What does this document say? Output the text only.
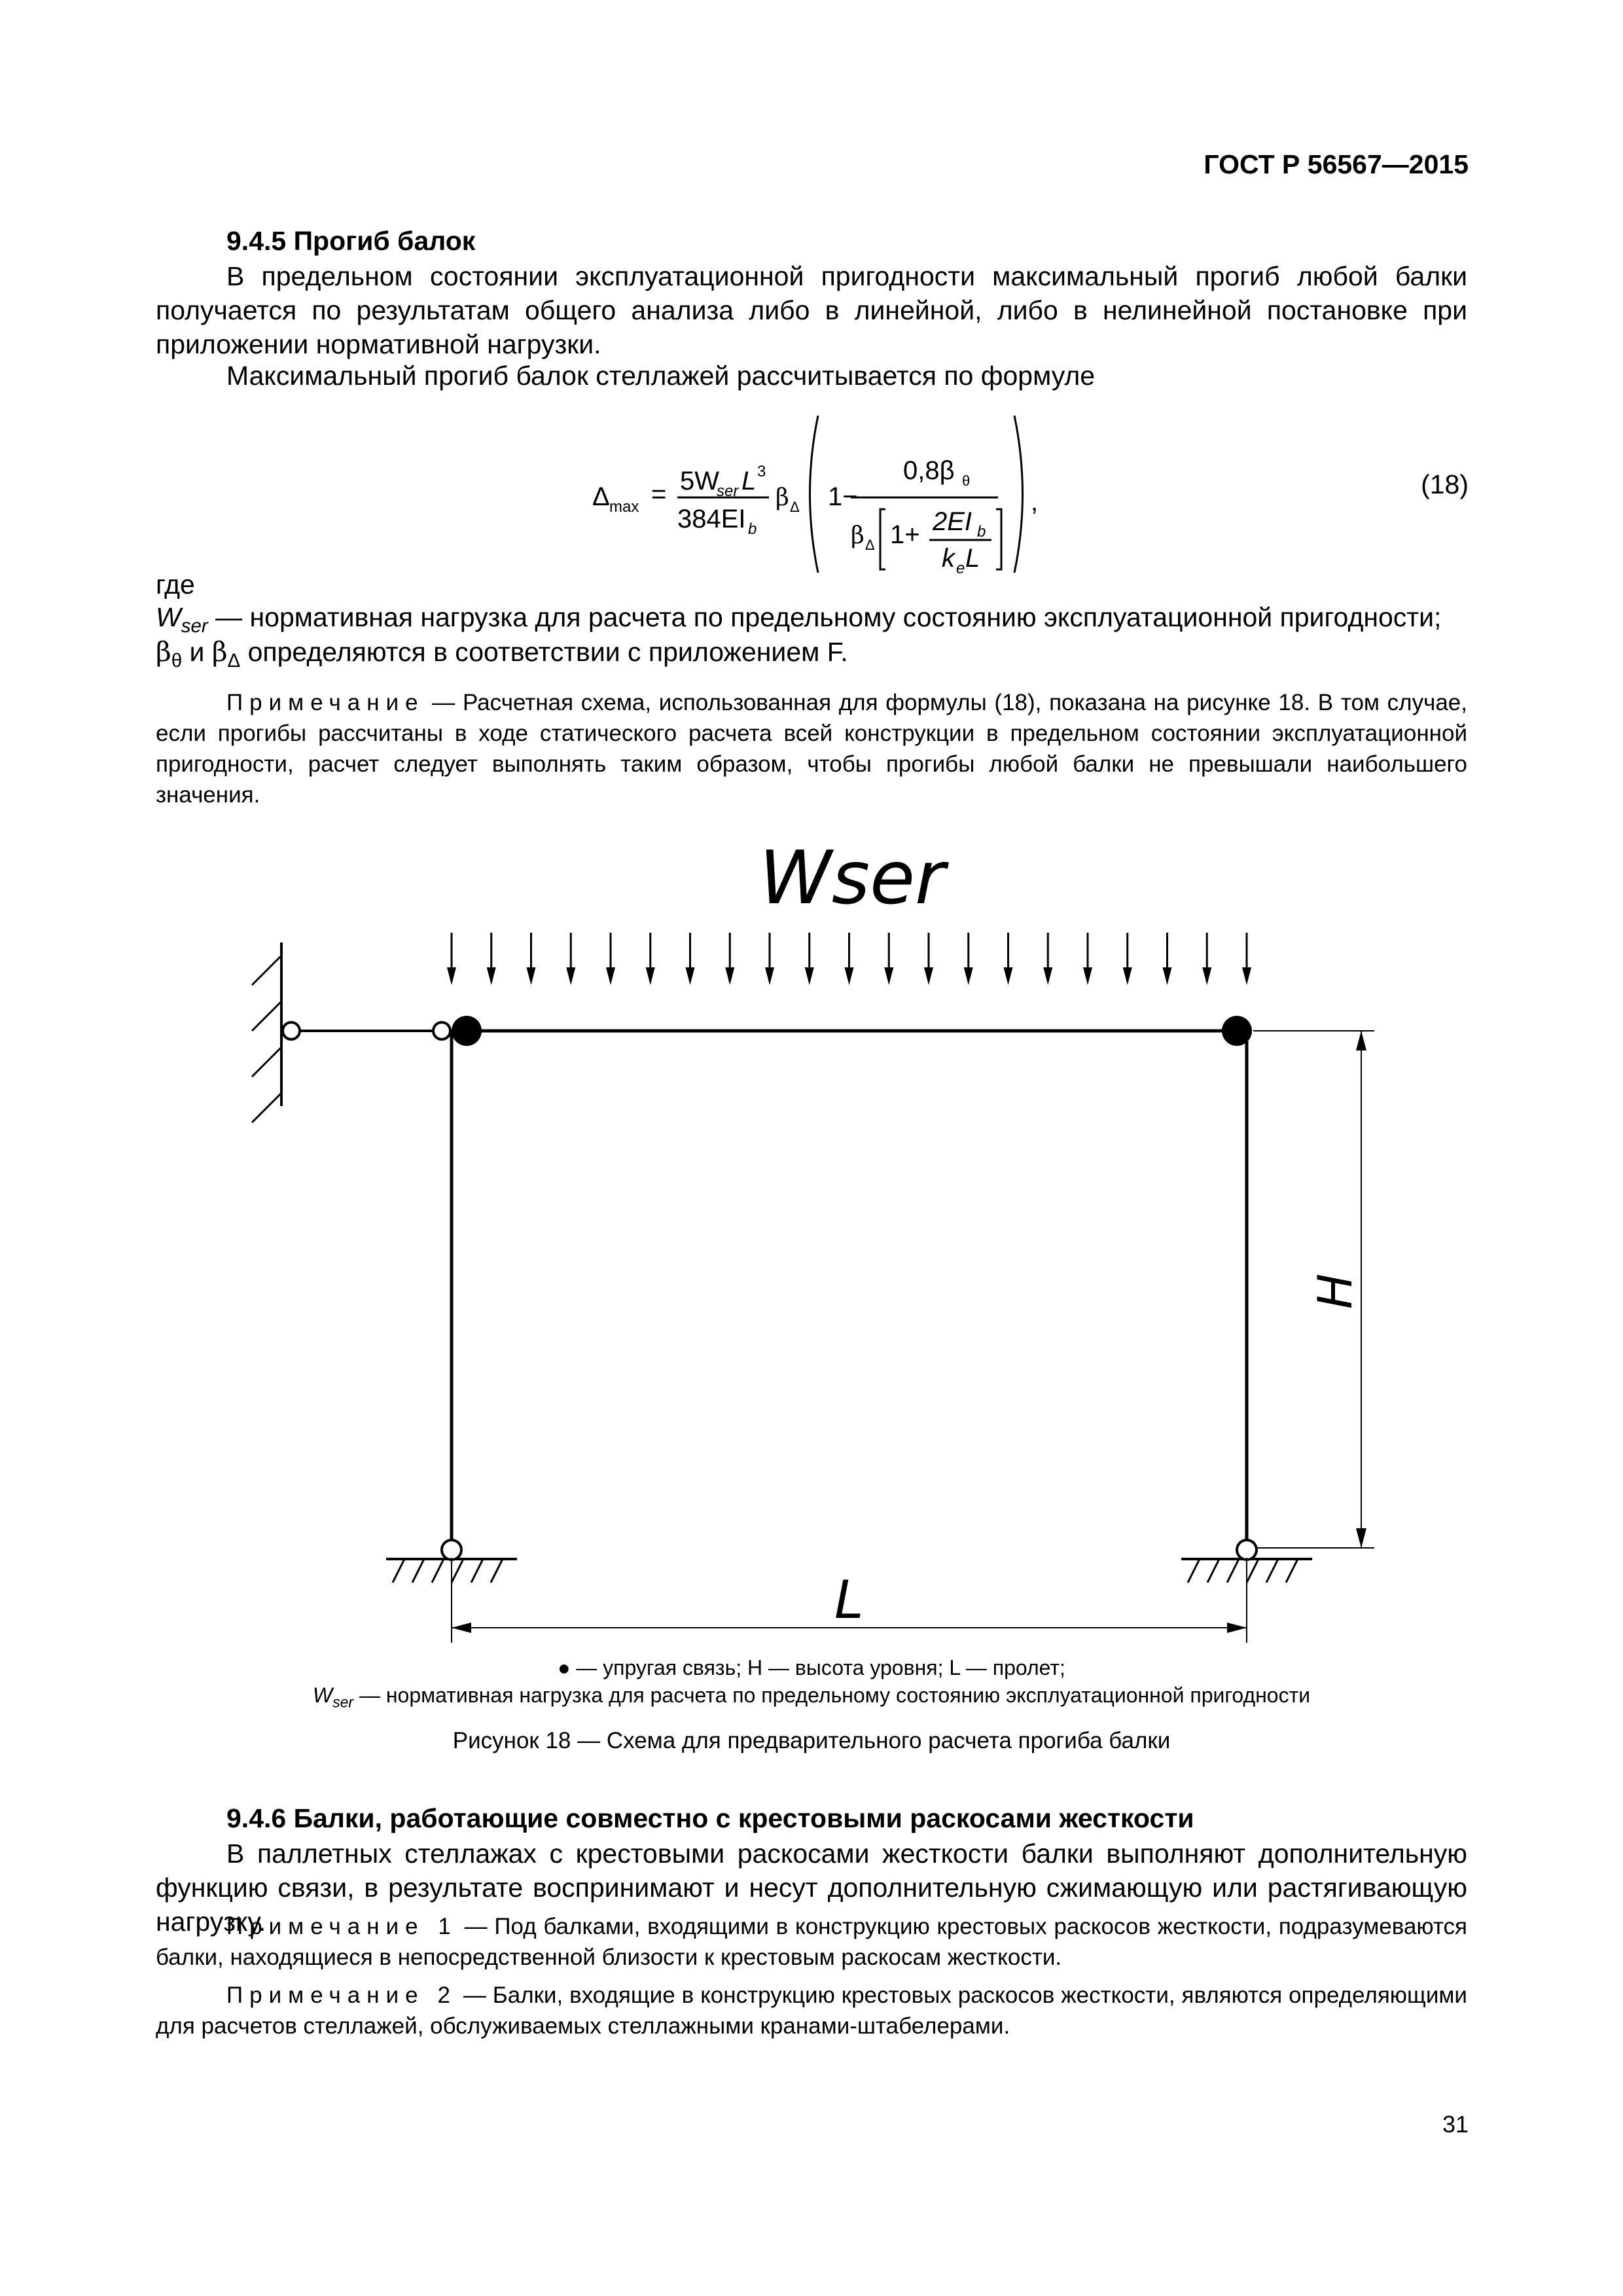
ГОСТ Р 56567—2015
9.4.5 Прогиб балок
В предельном состоянии эксплуатационной пригодности максимальный прогиб любой балки получается по результатам общего анализа либо в линейной, либо в нелинейной постановке при приложении нормативной нагрузки.
Максимальный прогиб балок стеллажей рассчитывается по формуле
Δ max = 5W
ser L 3
384EI b
β Δ 1−
0,8β θ
β Δ 1+ 2EI b
k e L
,
(18)
где
$W_{ser}$ — нормативная нагрузка для расчета по предельному состоянию эксплуатационной пригодности;
$\beta_\theta$ и $\beta_\Delta$ определяются в соответствии с приложением F.
Примечание — Расчетная схема, использованная для формулы (18), показана на рисунке 18. В том случае, если прогибы рассчитаны в ходе статического расчета всей конструкции в предельном состоянии эксплуатационной пригодности, расчет следует выполнять таким образом, чтобы прогибы любой балки не превышали наибольшего значения.
Wser
H
L
● — упругая связь; H — высота уровня; L — пролет;
$W_{ser}$ — нормативная нагрузка для расчета по предельному состоянию эксплуатационной пригодности
Рисунок 18 — Схема для предварительного расчета прогиба балки
9.4.6 Балки, работающие совместно с крестовыми раскосами жесткости
В паллетных стеллажах с крестовыми раскосами жесткости балки выполняют дополнительную функцию связи, в результате воспринимают и несут дополнительную сжимающую или растягивающую нагрузку.
Примечание 1 — Под балками, входящими в конструкцию крестовых раскосов жесткости, подразумеваются балки, находящиеся в непосредственной близости к крестовым раскосам жесткости.
Примечание 2 — Балки, входящие в конструкцию крестовых раскосов жесткости, являются определяющими для расчетов стеллажей, обслуживаемых стеллажными кранами-штабелерами.
31
